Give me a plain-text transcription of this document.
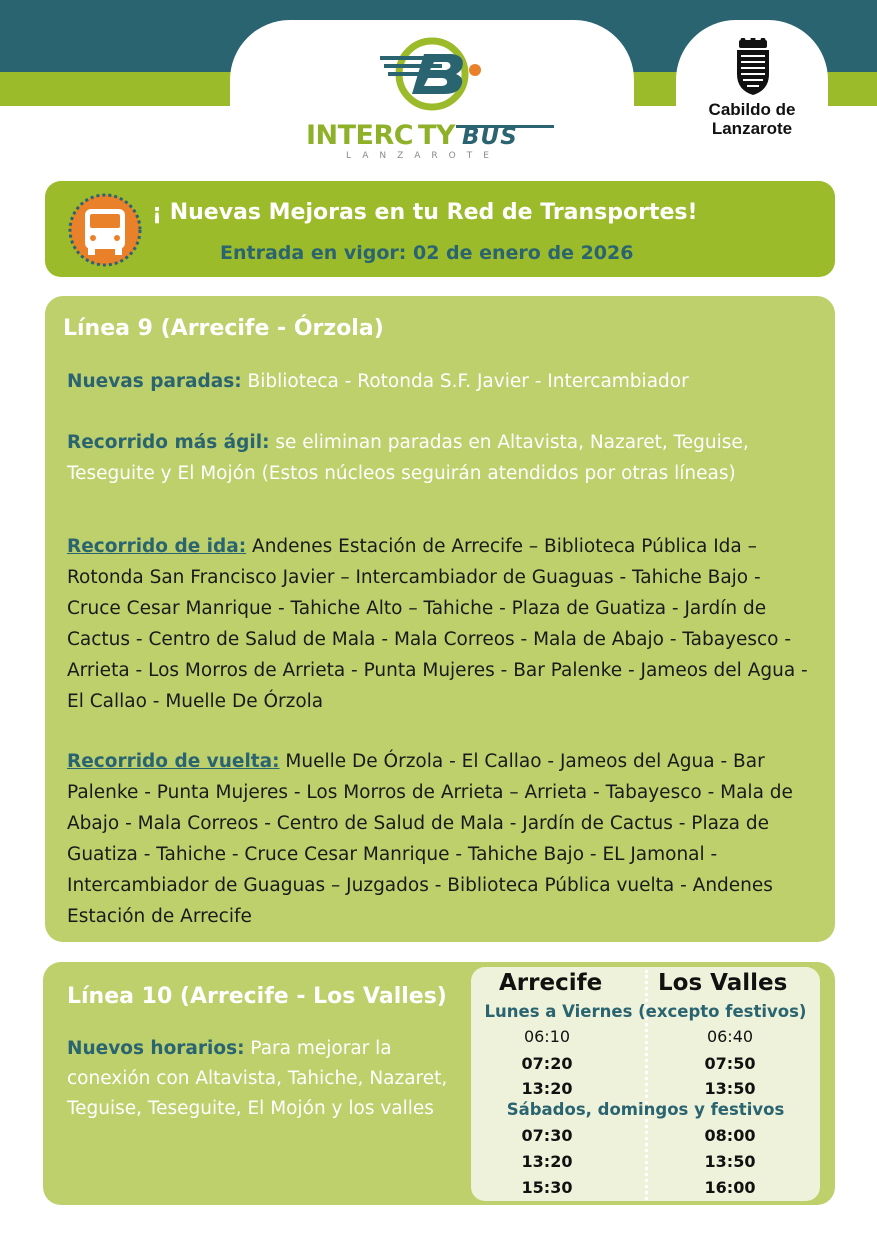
INTERC TY BUS
LANZAROTE
Cabildo de Lanzarote
¡ Nuevas Mejoras en tu Red de Transportes!
Entrada en vigor: 02 de enero de 2026
Línea 9 (Arrecife - Órzola)
Nuevas paradas: Biblioteca - Rotonda S.F. Javier - Intercambiador
Recorrido más ágil: se eliminan paradas en Altavista, Nazaret, Teguise, Teseguite y El Mojón (Estos núcleos seguirán atendidos por otras líneas)
Recorrido de ida: Andenes Estación de Arrecife – Biblioteca Pública Ida – Rotonda San Francisco Javier – Intercambiador de Guaguas - Tahiche Bajo - Cruce Cesar Manrique - Tahiche Alto – Tahiche - Plaza de Guatiza - Jardín de Cactus - Centro de Salud de Mala - Mala Correos - Mala de Abajo - Tabayesco - Arrieta - Los Morros de Arrieta - Punta Mujeres - Bar Palenke - Jameos del Agua - El Callao - Muelle De Órzola
Recorrido de vuelta: Muelle De Órzola - El Callao - Jameos del Agua - Bar Palenke - Punta Mujeres - Los Morros de Arrieta – Arrieta - Tabayesco - Mala de Abajo - Mala Correos - Centro de Salud de Mala - Jardín de Cactus - Plaza de Guatiza - Tahiche - Cruce Cesar Manrique - Tahiche Bajo - EL Jamonal - Intercambiador de Guaguas – Juzgados - Biblioteca Pública vuelta - Andenes Estación de Arrecife
Línea 10 (Arrecife - Los Valles)
Nuevos horarios: Para mejorar la conexión con Altavista, Tahiche, Nazaret, Teguise, Teseguite, El Mojón y los valles
Arrecife Los Valles
Lunes a Viernes (excepto festivos)
06:10	06:40
07:20	07:50
13:20	13:50
Sábados, domingos y festivos
07:30	08:00
13:20	13:50
15:30	16:00
